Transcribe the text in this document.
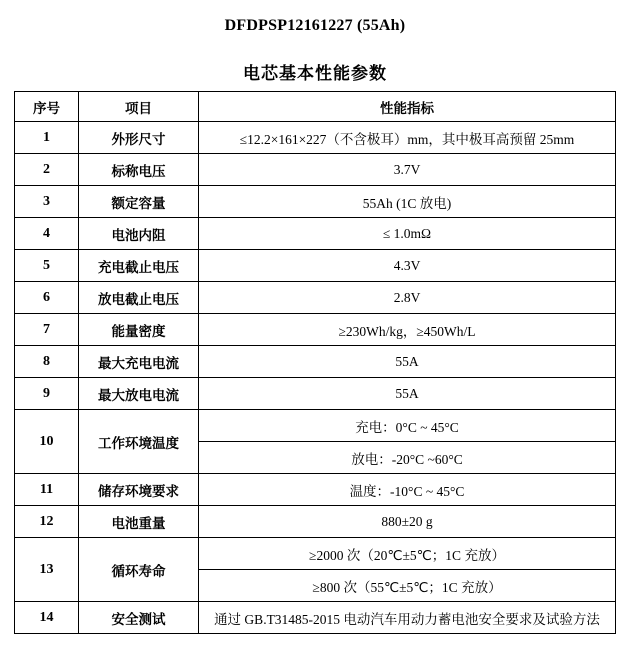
DFDPSP12161227 (55Ah)
电芯基本性能参数
序号	项目	性能指标
1	外形尺寸	≤12.2×161×227（不含极耳）mm，其中极耳高预留 25mm
2	标称电压	3.7V
3	额定容量	55Ah (1C 放电)
4	电池内阻	≤ 1.0mΩ
5	充电截止电压	4.3V
6	放电截止电压	2.8V
7	能量密度	≥230Wh/kg，≥450Wh/L
8	最大充电电流	55A
9	最大放电电流	55A
10	工作环境温度	充电：0°C ~ 45°C
		放电：-20°C ~60°C
11	储存环境要求	温度：-10°C ~ 45°C
12	电池重量	880±20 g
13	循环寿命	≥2000 次（20℃±5℃；1C 充放）
		≥800 次（55℃±5℃；1C 充放）
14	安全测试	通过 GB.T31485-2015 电动汽车用动力蓄电池安全要求及试验方法
